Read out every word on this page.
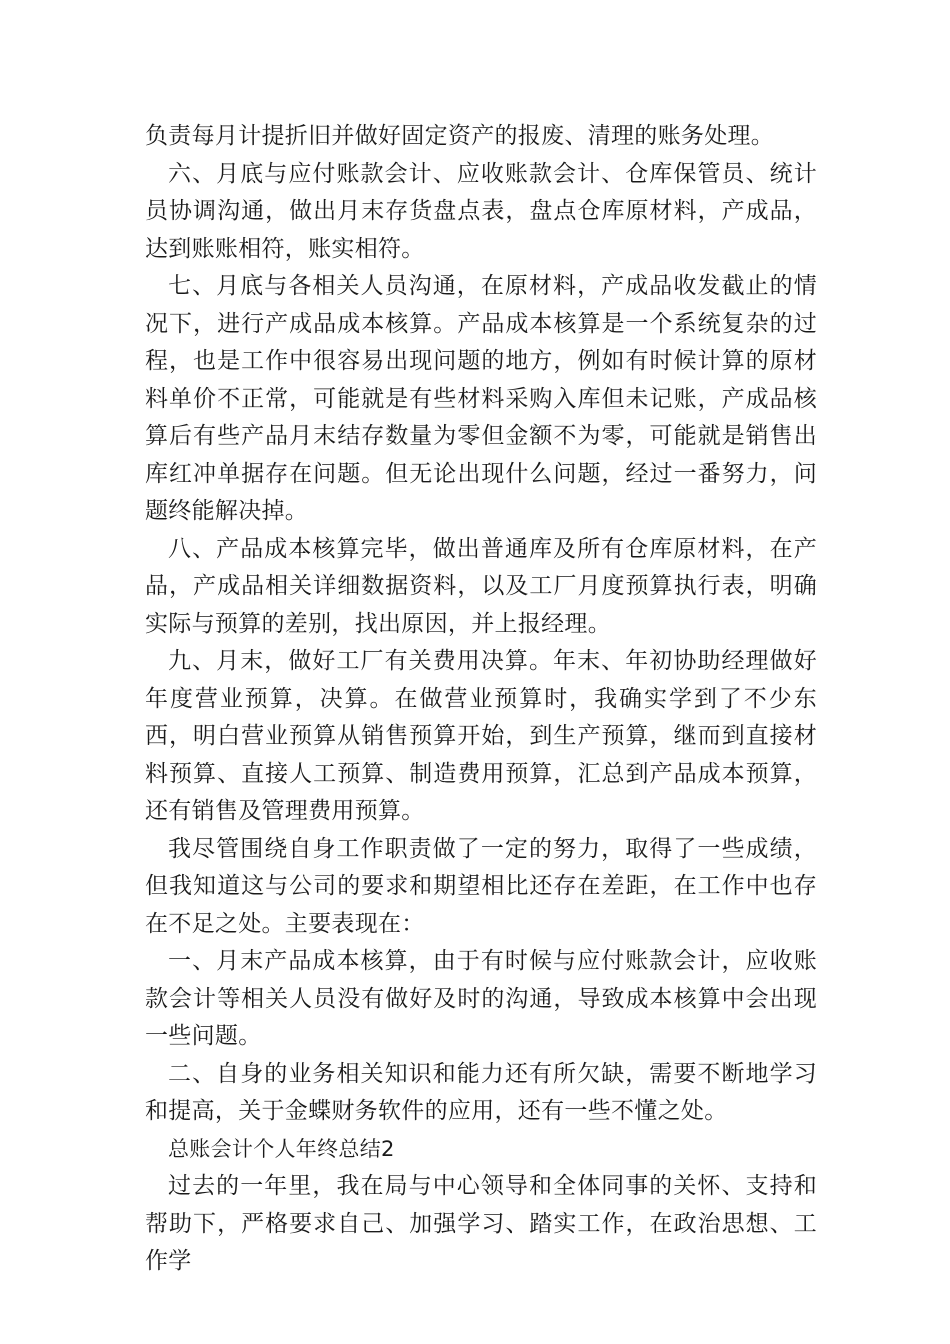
负责每月计提折旧并做好固定资产的报废、清理的账务处理。

六、月底与应付账款会计、应收账款会计、仓库保管员、统计员协调沟通，做出月末存货盘点表，盘点仓库原材料，产成品，达到账账相符，账实相符。

七、月底与各相关人员沟通，在原材料，产成品收发截止的情况下，进行产成品成本核算。产品成本核算是一个系统复杂的过程，也是工作中很容易出现问题的地方，例如有时候计算的原材料单价不正常，可能就是有些材料采购入库但未记账，产成品核算后有些产品月末结存数量为零但金额不为零，可能就是销售出库红冲单据存在问题。但无论出现什么问题，经过一番努力，问题终能解决掉。

八、产品成本核算完毕，做出普通库及所有仓库原材料，在产品，产成品相关详细数据资料，以及工厂月度预算执行表，明确实际与预算的差别，找出原因，并上报经理。

九、月末，做好工厂有关费用决算。年末、年初协助经理做好年度营业预算，决算。在做营业预算时，我确实学到了不少东西，明白营业预算从销售预算开始，到生产预算，继而到直接材料预算、直接人工预算、制造费用预算，汇总到产品成本预算，还有销售及管理费用预算。

我尽管围绕自身工作职责做了一定的努力，取得了一些成绩，但我知道这与公司的要求和期望相比还存在差距，在工作中也存在不足之处。主要表现在：

一、月末产品成本核算，由于有时候与应付账款会计，应收账款会计等相关人员没有做好及时的沟通，导致成本核算中会出现一些问题。

二、自身的业务相关知识和能力还有所欠缺，需要不断地学习和提高，关于金蝶财务软件的应用，还有一些不懂之处。

总账会计个人年终总结2

过去的一年里，我在局与中心领导和全体同事的关怀、支持和帮助下，严格要求自己、加强学习、踏实工作，在政治思想、工作学
